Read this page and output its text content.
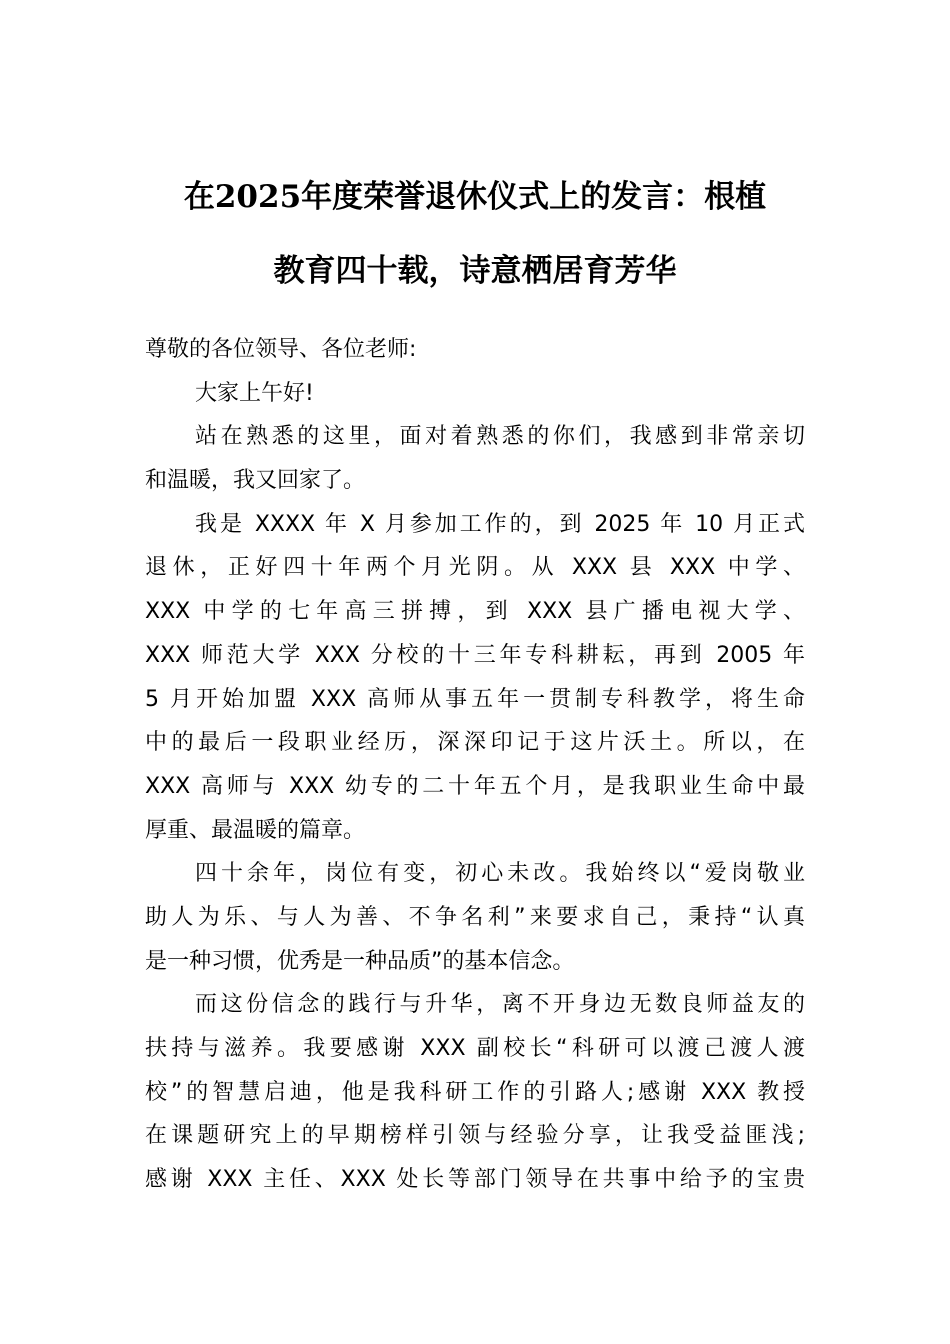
在2025年度荣誉退休仪式上的发言：根植
教育四十载，诗意栖居育芳华
尊敬的各位领导、各位老师:
大家上午好!
站在熟悉的这里，面对着熟悉的你们，我感到非常亲切
和温暖，我又回家了。
我是 XXXX 年 X 月参加工作的，到 2025 年 10 月正式
退休，正好四十年两个月光阴。从 XXX 县 XXX 中学、
XXX 中学的七年高三拼搏，到 XXX 县广播电视大学、
XXX 师范大学 XXX 分校的十三年专科耕耘，再到 2005 年
5 月开始加盟 XXX 高师从事五年一贯制专科教学，将生命
中的最后一段职业经历，深深印记于这片沃土。所以，在
XXX 高师与 XXX 幼专的二十年五个月，是我职业生命中最
厚重、最温暖的篇章。
四十余年，岗位有变，初心未改。我始终以“爱岗敬业
助人为乐、与人为善、不争名利”来要求自己，秉持“认真
是一种习惯，优秀是一种品质”的基本信念。
而这份信念的践行与升华，离不开身边无数良师益友的
扶持与滋养。我要感谢 XXX 副校长“科研可以渡己渡人渡
校”的智慧启迪，他是我科研工作的引路人;感谢 XXX 教授
在课题研究上的早期榜样引领与经验分享，让我受益匪浅;
感谢 XXX 主任、XXX 处长等部门领导在共事中给予的宝贵
